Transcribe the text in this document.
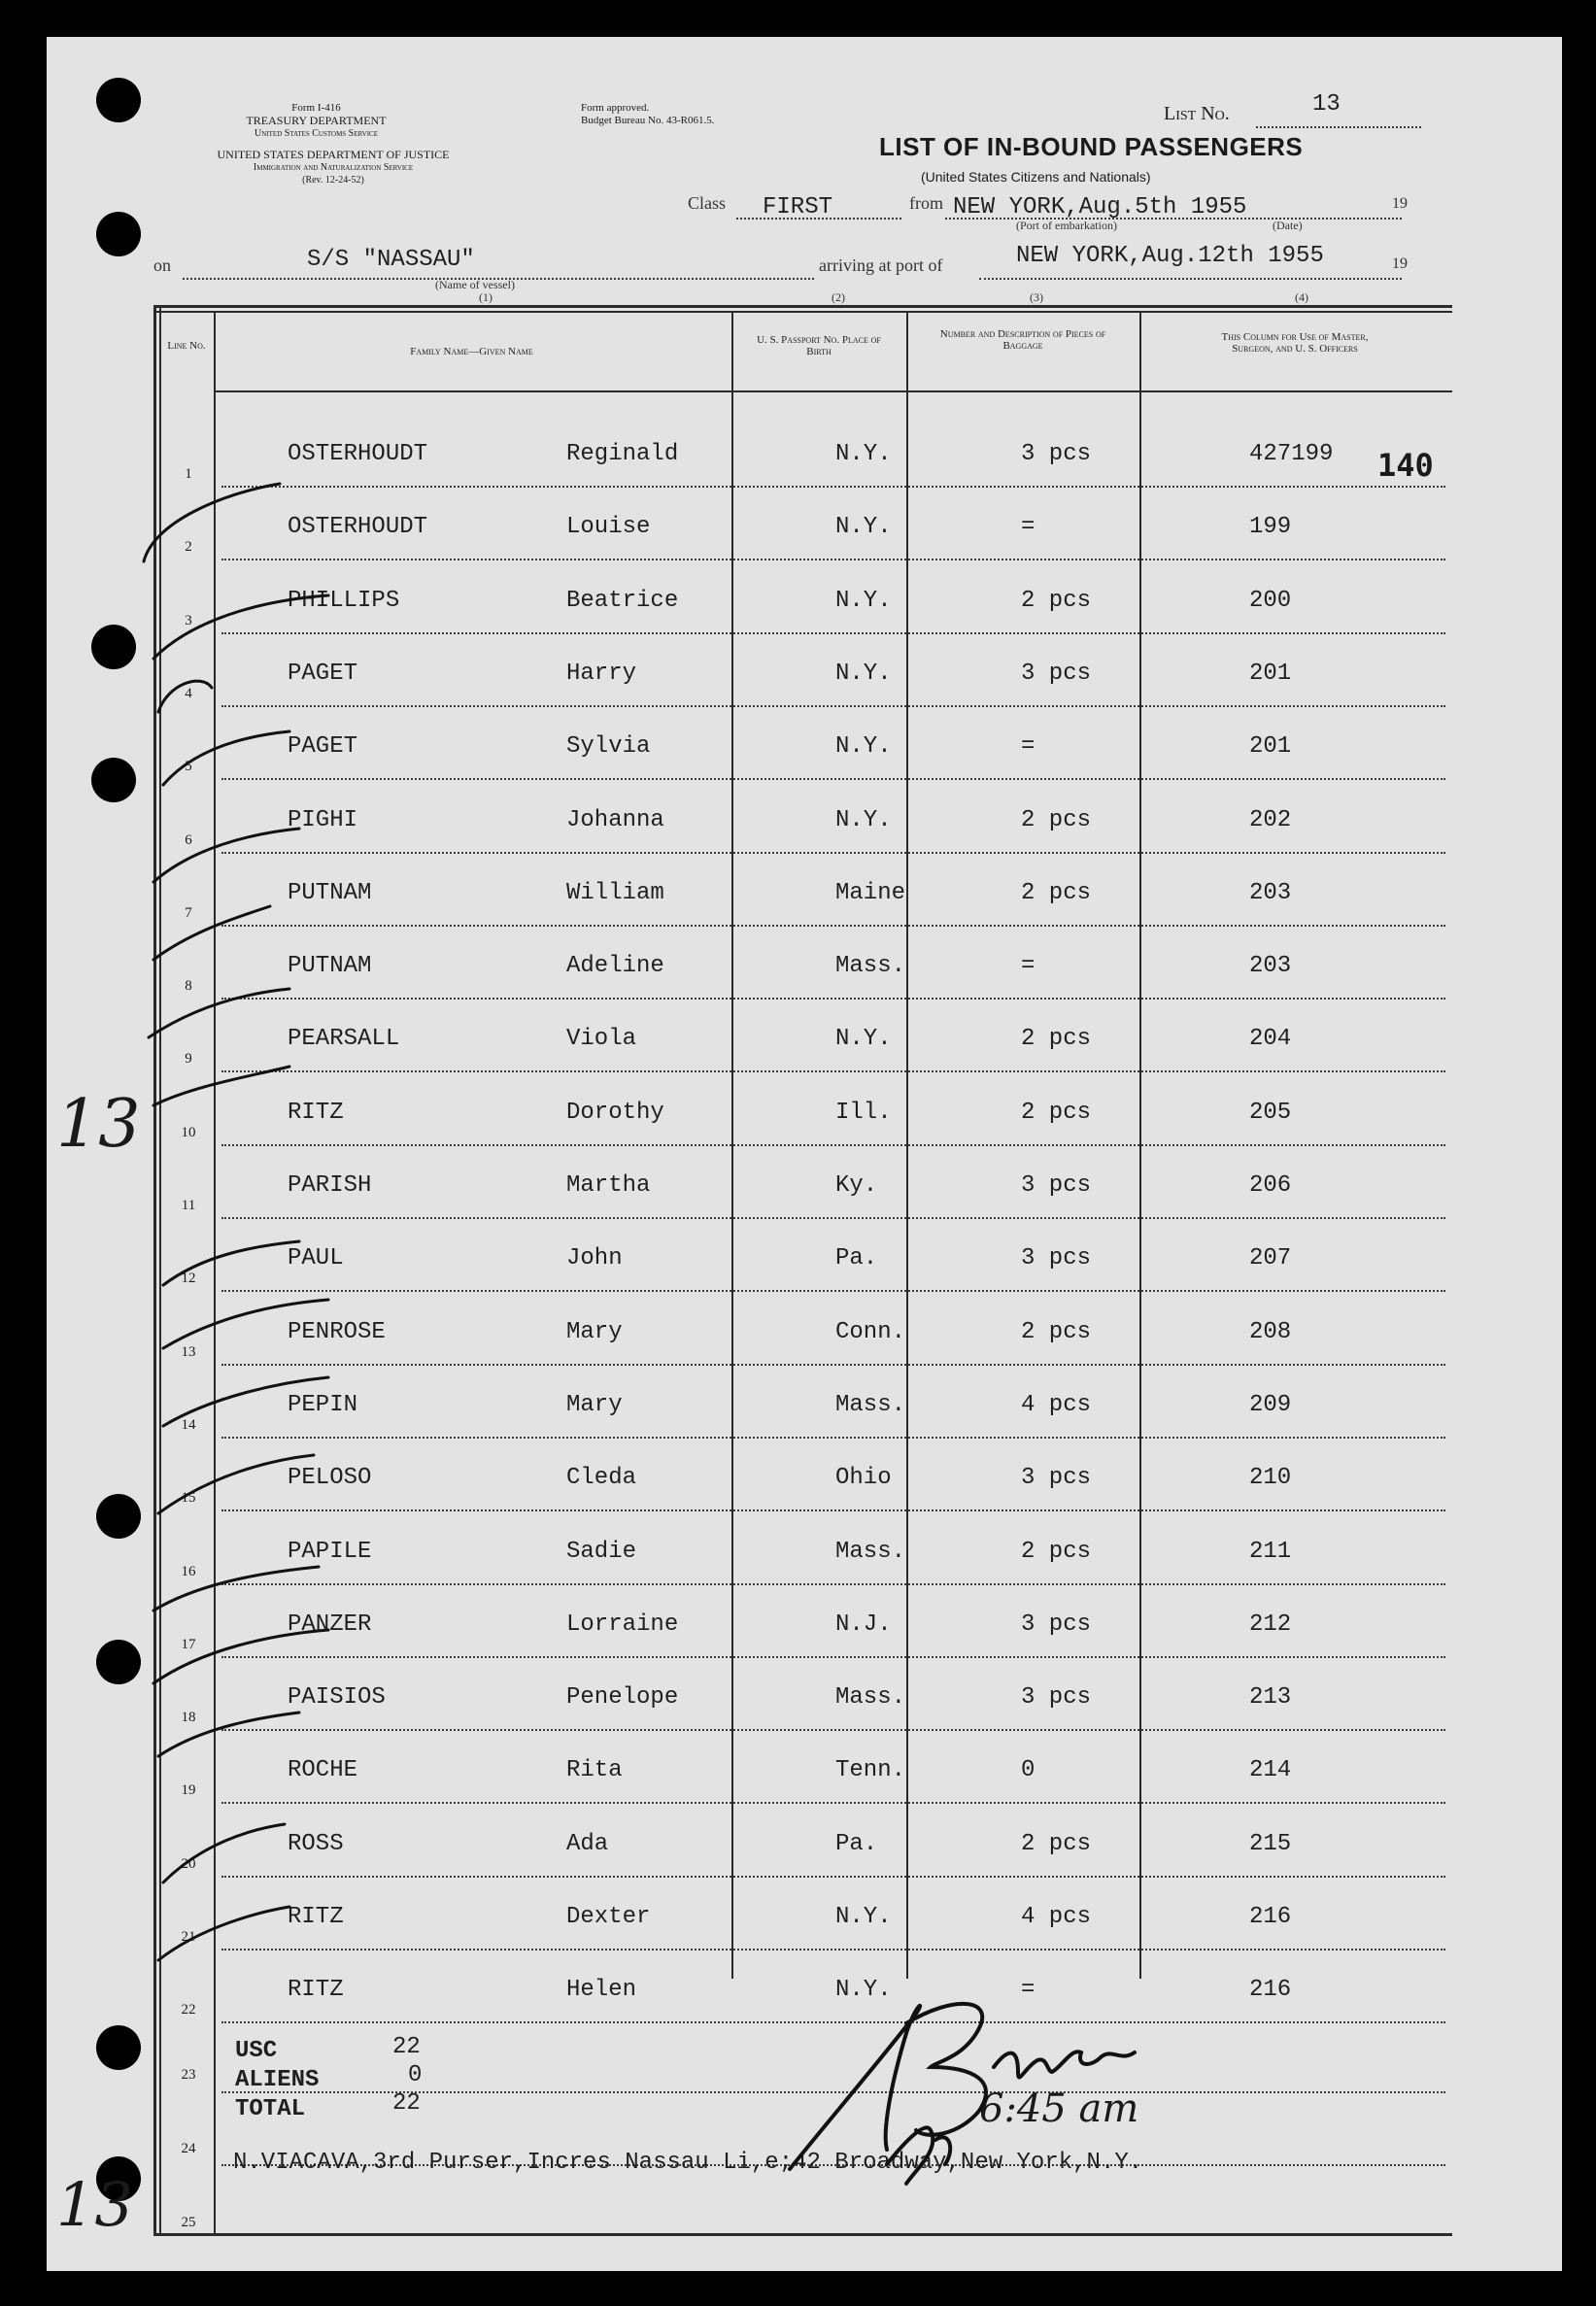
Form I-416
TREASURY DEPARTMENT
United States Customs Service
UNITED STATES DEPARTMENT OF JUSTICE
Immigration and Naturalization Service
(Rev. 12-24-52)
Form approved.
Budget Bureau No. 43-R061.5.	List No.	13
LIST OF IN-BOUND PASSENGERS
(United States Citizens and Nationals)
Class FIRST	from NEW YORK,Aug.5th 1955	19
(Port of embarkation)	(Date)
on	S/S "NASSAU"
(Name of vessel)
(1)
arriving at port of	NEW YORK,Aug.12th 1955	19
(2)	(3)	(4)
Line No.	Family Name—Given Name
U. S. Passport No. Place of Birth
Number and Description of Pieces of Baggage
This Column for Use of Master, Surgeon, and U. S. Officers
1
OSTERHOUDT	Reginald	N.Y.	3 pcs	427199
2
OSTERHOUDT	Louise	N.Y.	=	199
3
PHILLIPS	Beatrice	N.Y.	2 pcs	200
4
PAGET	Harry	N.Y.	3 pcs	201
5
PAGET	Sylvia	N.Y.	=	201
6
PIGHI	Johanna	N.Y.	2 pcs	202
7
PUTNAM	William	Maine	2 pcs	203
8
PUTNAM	Adeline	Mass.	=	203
9
PEARSALL	Viola	N.Y.	2 pcs	204
10
RITZ	Dorothy	Ill.	2 pcs	205
11
PARISH	Martha	Ky.	3 pcs	206
12
PAUL	John	Pa.	3 pcs	207
13
PENROSE	Mary	Conn.	2 pcs	208
14
PEPIN	Mary	Mass.	4 pcs	209
15
PELOSO	Cleda	Ohio	3 pcs	210
16
PAPILE	Sadie	Mass.	2 pcs	211
17
PANZER	Lorraine	N.J.	3 pcs	212
18
PAISIOS	Penelope	Mass.	3 pcs	213
19
ROCHE	Rita	Tenn.	0	214
20
ROSS	Ada	Pa.	2 pcs	215
21
RITZ	Dexter	N.Y.	4 pcs	216
22
RITZ	Helen	N.Y.	=	216
23
24
25
USC	22
ALIENS	0
TOTAL	22
N.VIACAVA,3rd Purser,Incres Nassau Li,e;42 Broadway,New York,N.Y.
13
13
140
6:45 am
